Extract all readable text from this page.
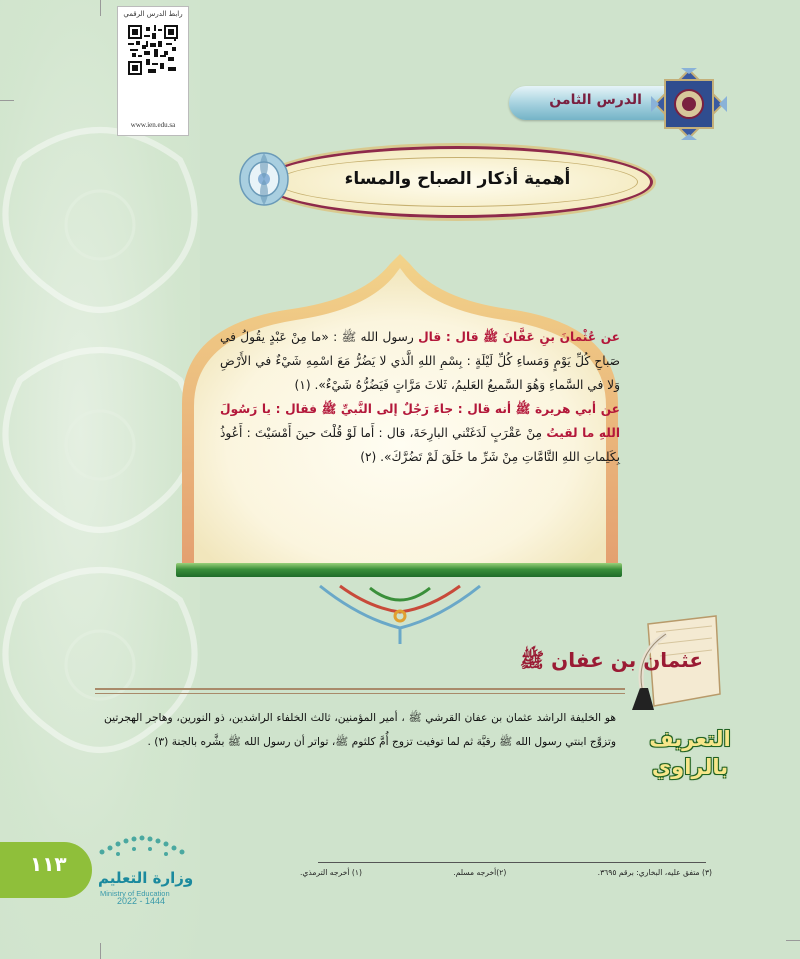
رابط الدرس الرقمي
www.ien.edu.sa
الدرس الثامن
أهمية أذكار الصباح والمساء

عن عُثْمانَ بنِ عَفَّانَ ﷺ قال : قال رسول الله ﷺ : «ما مِنْ عَبْدٍ يقُولُ في صَباحِ كُلِّ يَوْمٍ وَمَساءِ كُلِّ لَيْلَةٍ : بِسْمِ اللهِ الَّذي لا يَضُرُّ مَعَ اسْمِهِ شَيْءٌ في الأَرْضِ وَلا في السَّماءِ وَهُوَ السَّميعُ العَليمُ، ثَلاثَ مَرَّاتٍ فَيَضُرُّهُ شَيْءٌ». (١)

عن أبي هريرة ﷺ أنه قال : جاءَ رَجُلٌ إلى النَّبيِّ ﷺ فقال : يا رَسُولَ اللهِ ما لقيتُ مِنْ عَقْرَبٍ لَدَغَتْني البارِحَةَ، قال : أَما لَوْ قُلْتَ حينَ أَمْسَيْتَ : أَعُوذُ بِكَلِماتِ اللهِ التَّامَّاتِ مِنْ شَرِّ ما خَلَقَ لَمْ تَضُرَّكَ». (٢)

عثمان بن عفان ﷺ

هو الخليفة الراشد عثمان بن عفان القرشي ﷺ ، أمير المؤمنين، ثالث الخلفاء الراشدين، ذو النورين، وهاجر الهجرتين وتزوَّج ابنتي رسول الله ﷺ رقيَّة ثم لما توفيت تزوج أُمَّ كلثوم ﷺ، تواتر أن رسول الله ﷺ بشَّره بالجنة (٣) . التعريف
بالراوي
(١) أخرجه الترمذي.	(٢)أخرجه مسلم.	(٣) متفق عليه، البخاري: برقم ٣٦٩٥.
١١٣
وزارة التعليم
Ministry of Education
2022 - 1444
